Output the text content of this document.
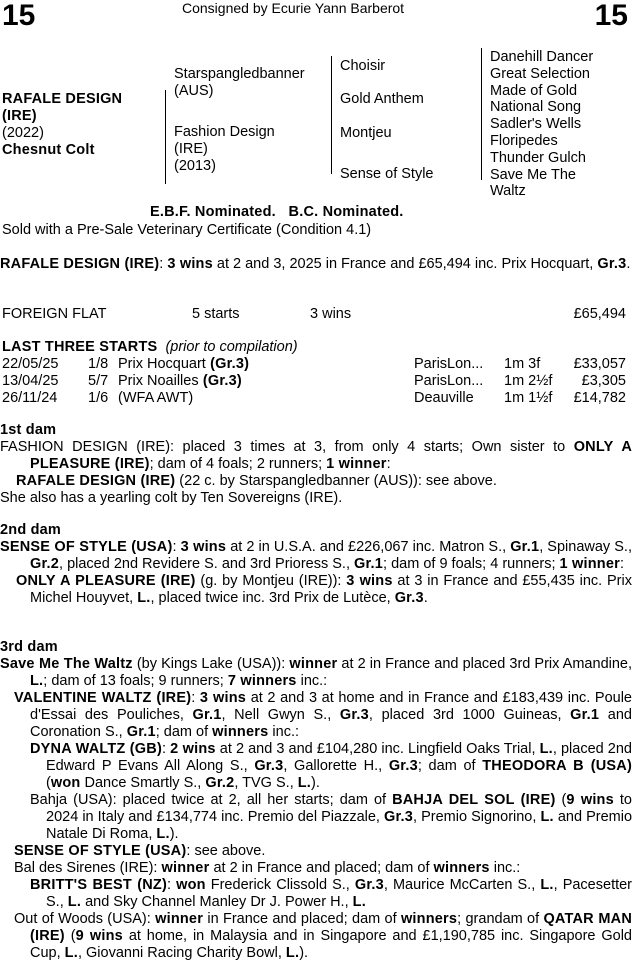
15	15
Consigned by Ecurie Yann Barberot
RAFALE DESIGN
(IRE)
(2022)
Chesnut Colt
Starspangledbanner
(AUS)
Fashion Design
(IRE)
(2013)
Choisir
Gold Anthem
Montjeu
Sense of Style
Danehill Dancer
Great Selection
Made of Gold
National Song
Sadler's Wells
Floripedes
Thunder Gulch
Save Me The
Waltz
E.B.F. Nominated.   B.C. Nominated.
Sold with a Pre-Sale Veterinary Certificate (Condition 4.1)

RAFALE DESIGN (IRE): 3 wins at 2 and 3, 2025 in France and £65,494 inc. Prix Hocquart, Gr.3.

FOREIGN FLAT	5 starts	3 wins	£65,494
LAST THREE STARTS (prior to compilation)
22/05/25 1/8 Prix Hocquart (Gr.3)	ParisLon... 1m 3f £33,057
13/04/25 5/7 Prix Noailles (Gr.3)	ParisLon... 1m 2½f £3,305
26/11/24 1/6 (WFA AWT)	Deauville 1m 1½f £14,782
1st dam

FASHION DESIGN (IRE): placed 3 times at 3, from only 4 starts; Own sister to ONLY A PLEASURE (IRE); dam of 4 foals; 2 runners; 1 winner:

RAFALE DESIGN (IRE) (22 c. by Starspangledbanner (AUS)): see above.

She also has a yearling colt by Ten Sovereigns (IRE).

2nd dam

SENSE OF STYLE (USA): 3 wins at 2 in U.S.A. and £226,067 inc. Matron S., Gr.1, Spinaway S., Gr.2, placed 2nd Revidere S. and 3rd Prioress S., Gr.1; dam of 9 foals; 4 runners; 1 winner:

ONLY A PLEASURE (IRE) (g. by Montjeu (IRE)): 3 wins at 3 in France and £55,435 inc. Prix Michel Houyvet, L., placed twice inc. 3rd Prix de Lutèce, Gr.3.

3rd dam

Save Me The Waltz (by Kings Lake (USA)): winner at 2 in France and placed 3rd Prix Amandine, L.; dam of 13 foals; 9 runners; 7 winners inc.:

VALENTINE WALTZ (IRE): 3 wins at 2 and 3 at home and in France and £183,439 inc. Poule d'Essai des Pouliches, Gr.1, Nell Gwyn S., Gr.3, placed 3rd 1000 Guineas, Gr.1 and Coronation S., Gr.1; dam of winners inc.:

DYNA WALTZ (GB): 2 wins at 2 and 3 and £104,280 inc. Lingfield Oaks Trial, L., placed 2nd Edward P Evans All Along S., Gr.3, Gallorette H., Gr.3; dam of THEODORA B (USA) (won Dance Smartly S., Gr.2, TVG S., L.).

Bahja (USA): placed twice at 2, all her starts; dam of BAHJA DEL SOL (IRE) (9 wins to 2024 in Italy and £134,774 inc. Premio del Piazzale, Gr.3, Premio Signorino, L. and Premio Natale Di Roma, L.).

SENSE OF STYLE (USA): see above.

Bal des Sirenes (IRE): winner at 2 in France and placed; dam of winners inc.:

BRITT'S BEST (NZ): won Frederick Clissold S., Gr.3, Maurice McCarten S., L., Pacesetter S., L. and Sky Channel Manley Dr J. Power H., L.

Out of Woods (USA): winner in France and placed; dam of winners; grandam of QATAR MAN (IRE) (9 wins at home, in Malaysia and in Singapore and £1,190,785 inc. Singapore Gold Cup, L., Giovanni Racing Charity Bowl, L.).
